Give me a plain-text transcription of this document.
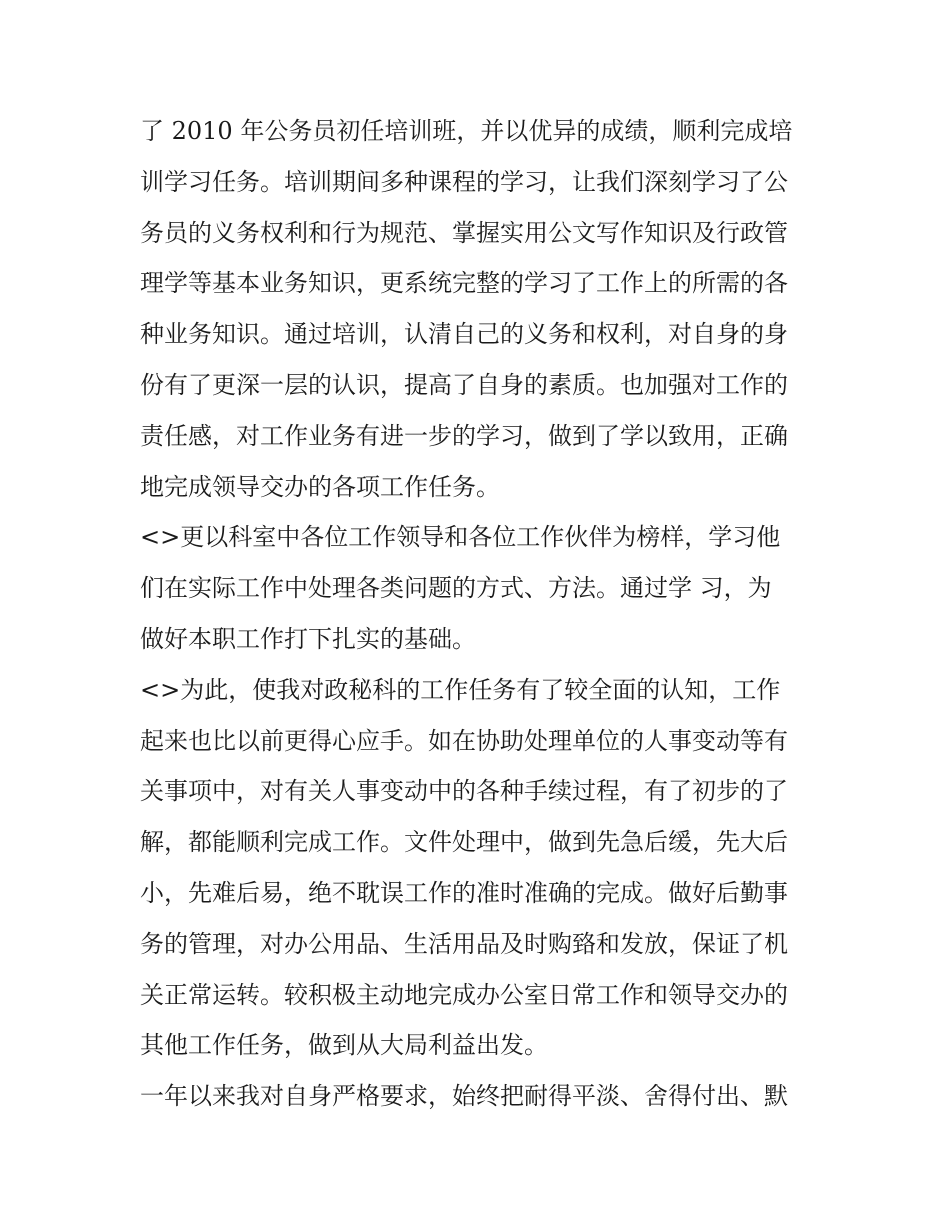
了 2010 年公务员初任培训班，并以优异的成绩，顺利完成培
训学习任务。培训期间多种课程的学习，让我们深刻学习了公
务员的义务权利和行为规范、掌握实用公文写作知识及行政管
理学等基本业务知识，更系统完整的学习了工作上的所需的各
种业务知识。通过培训，认清自己的义务和权利，对自身的身
份有了更深一层的认识，提高了自身的素质。也加强对工作的
责任感，对工作业务有进一步的学习，做到了学以致用，正确
地完成领导交办的各项工作任务。
<>更以科室中各位工作领导和各位工作伙伴为榜样，学习他
们在实际工作中处理各类问题的方式、方法。通过学 习，为
做好本职工作打下扎实的基础。
<>为此，使我对政秘科的工作任务有了较全面的认知，工作
起来也比以前更得心应手。如在协助处理单位的人事变动等有
关事项中，对有关人事变动中的各种手续过程，有了初步的了
解，都能顺利完成工作。文件处理中，做到先急后缓，先大后
小，先难后易，绝不耽误工作的准时准确的完成。做好后勤事
务的管理，对办公用品、生活用品及时购臵和发放，保证了机
关正常运转。较积极主动地完成办公室日常工作和领导交办的
其他工作任务，做到从大局利益出发。
一年以来我对自身严格要求，始终把耐得平淡、舍得付出、默
